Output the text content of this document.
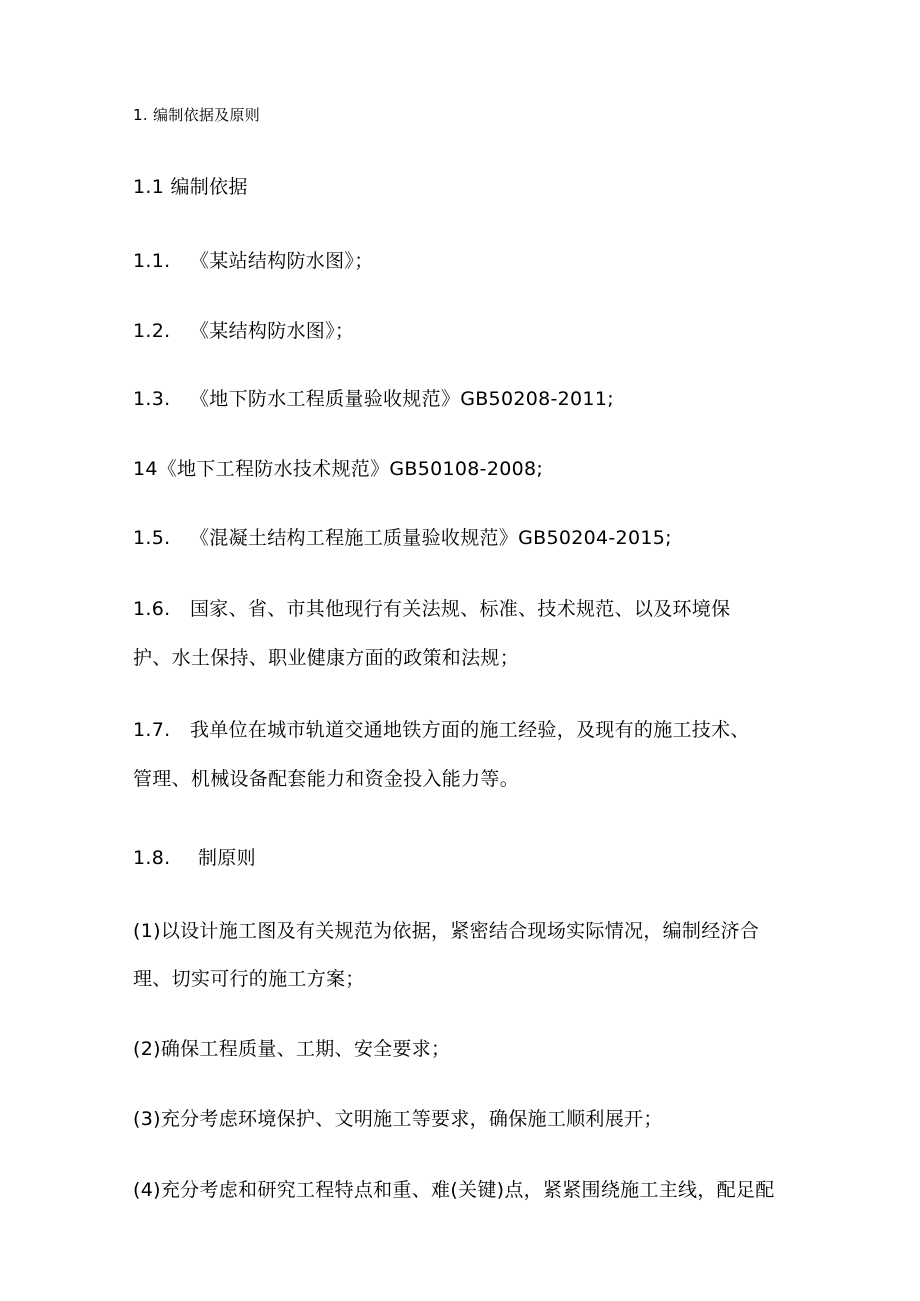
1. 编制依据及原则
1.1 编制依据
1.1. 《某站结构防水图》；
1.2. 《某结构防水图》；
1.3. 《地下防水工程质量验收规范》GB50208-2011;
14《地下工程防水技术规范》GB50108-2008;
1.5. 《混凝土结构工程施工质量验收规范》GB50204-2015;
1.6. 国家、省、市其他现行有关法规、标准、技术规范、以及环境保
护、水土保持、职业健康方面的政策和法规；
1.7. 我单位在城市轨道交通地铁方面的施工经验，及现有的施工技术、
管理、机械设备配套能力和资金投入能力等。
1.8. 制原则
(1)以设计施工图及有关规范为依据，紧密结合现场实际情况，编制经济合
理、切实可行的施工方案；
(2)确保工程质量、工期、安全要求；
(3)充分考虑环境保护、文明施工等要求，确保施工顺利展开；
(4)充分考虑和研究工程特点和重、难(关键)点，紧紧围绕施工主线，配足配
